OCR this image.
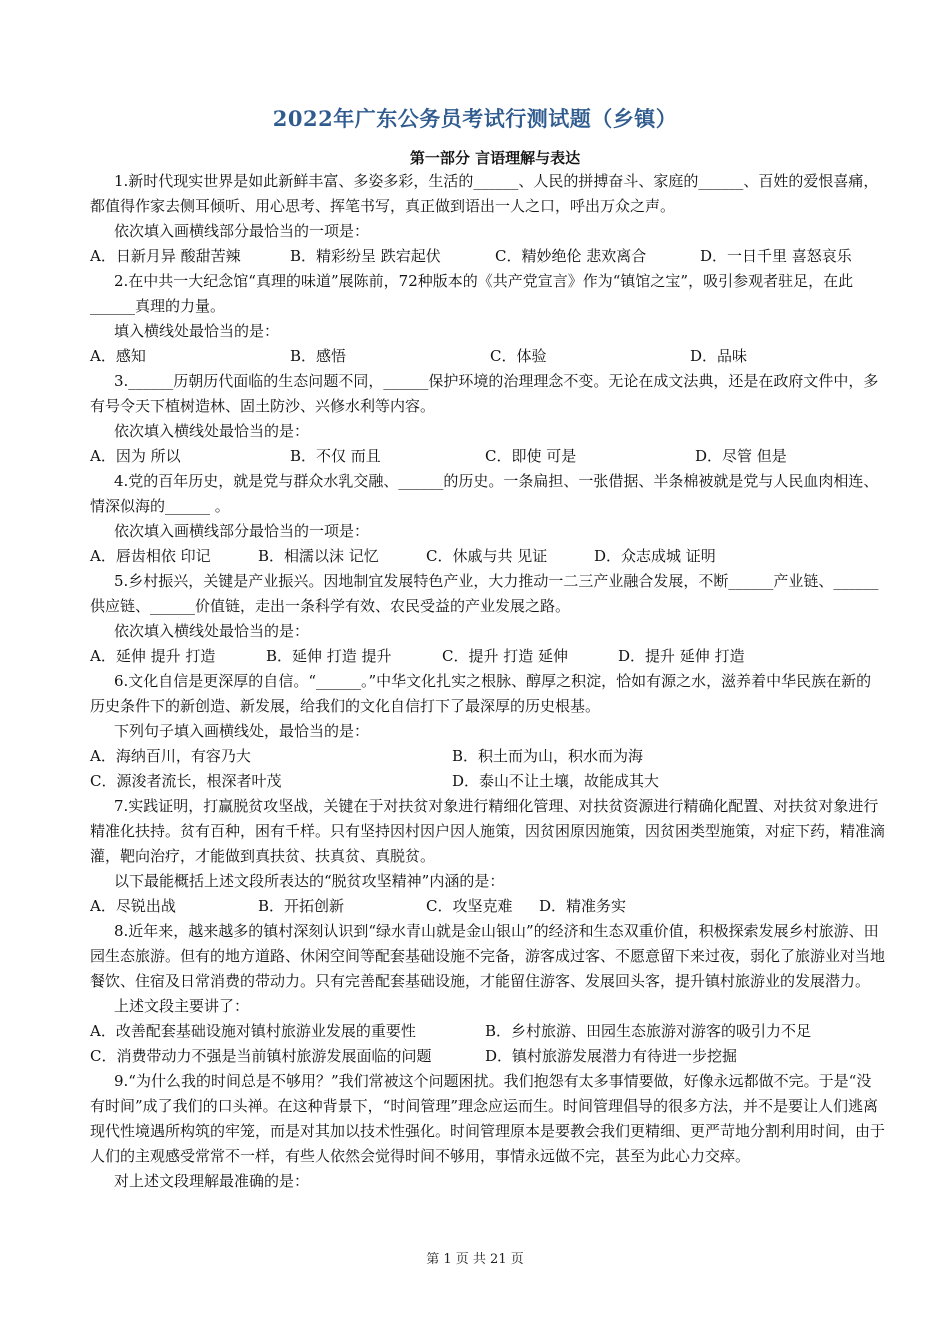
2022年广东公务员考试行测试题（乡镇）
第一部分 言语理解与表达

1.新时代现实世界是如此新鲜丰富、多姿多彩，生活的______、人民的拼搏奋斗、家庭的______、百姓的爱恨喜痛，都值得作家去侧耳倾听、用心思考、挥笔书写，真正做到语出一人之口，呼出万众之声。

依次填入画横线部分最恰当的一项是：

A．日新月异 酸甜苦辣	B．精彩纷呈 跌宕起伏	C．精妙绝伦 悲欢离合	D．一日千里 喜怒哀乐

2.在中共一大纪念馆“真理的味道”展陈前，72种版本的《共产党宣言》作为“镇馆之宝”，吸引参观者驻足，在此 ______真理的力量。

填入横线处最恰当的是：

A．感知	B．感悟	C．体验	D．品味

3.______历朝历代面临的生态问题不同，______保护环境的治理理念不变。无论在成文法典，还是在政府文件中，多有号令天下植树造林、固土防沙、兴修水利等内容。

依次填入横线处最恰当的是：

A．因为 所以	B．不仅 而且	C．即使 可是	D．尽管 但是

4.党的百年历史，就是党与群众水乳交融、______的历史。一条扁担、一张借据、半条棉被就是党与人民血肉相连、情深似海的______ 。

依次填入画横线部分最恰当的一项是：

A．唇齿相依 印记	B．相濡以沫 记忆	C．休戚与共 见证	D．众志成城 证明

5.乡村振兴，关键是产业振兴。因地制宜发展特色产业，大力推动一二三产业融合发展，不断______产业链、______供应链、______价值链，走出一条科学有效、农民受益的产业发展之路。

依次填入横线处最恰当的是：

A．延伸 提升 打造	B．延伸 打造 提升	C．提升 打造 延伸	D．提升 延伸 打造

6.文化自信是更深厚的自信。“______。”中华文化扎实之根脉、醇厚之积淀，恰如有源之水，滋养着中华民族在新的历史条件下的新创造、新发展，给我们的文化自信打下了最深厚的历史根基。

下列句子填入画横线处，最恰当的是：

A．海纳百川，有容乃大	B．积土而为山，积水而为海
C．源浚者流长，根深者叶茂	D．泰山不让土壤，故能成其大

7.实践证明，打赢脱贫攻坚战，关键在于对扶贫对象进行精细化管理、对扶贫资源进行精确化配置、对扶贫对象进行精准化扶持。贫有百种，困有千样。只有坚持因村因户因人施策，因贫困原因施策，因贫困类型施策，对症下药，精准滴灌，靶向治疗，才能做到真扶贫、扶真贫、真脱贫。

以下最能概括上述文段所表达的“脱贫攻坚精神”内涵的是：

A．尽锐出战	B．开拓创新	C．攻坚克难	D．精准务实

8.近年来，越来越多的镇村深刻认识到“绿水青山就是金山银山”的经济和生态双重价值，积极探索发展乡村旅游、田园生态旅游。但有的地方道路、休闲空间等配套基础设施不完备，游客成过客、不愿意留下来过夜，弱化了旅游业对当地餐饮、住宿及日常消费的带动力。只有完善配套基础设施，才能留住游客、发展回头客，提升镇村旅游业的发展潜力。

上述文段主要讲了：

A．改善配套基础设施对镇村旅游业发展的重要性	B．乡村旅游、田园生态旅游对游客的吸引力不足
C．消费带动力不强是当前镇村旅游发展面临的问题	D．镇村旅游发展潜力有待进一步挖掘

9.“为什么我的时间总是不够用？”我们常被这个问题困扰。我们抱怨有太多事情要做，好像永远都做不完。于是“没有时间”成了我们的口头禅。在这种背景下，“时间管理”理念应运而生。时间管理倡导的很多方法，并不是要让人们逃离现代性境遇所构筑的牢笼，而是对其加以技术性强化。时间管理原本是要教会我们更精细、更严苛地分割利用时间，由于人们的主观感受常常不一样，有些人依然会觉得时间不够用，事情永远做不完，甚至为此心力交瘁。

对上述文段理解最准确的是：

第 1 页 共 21 页
